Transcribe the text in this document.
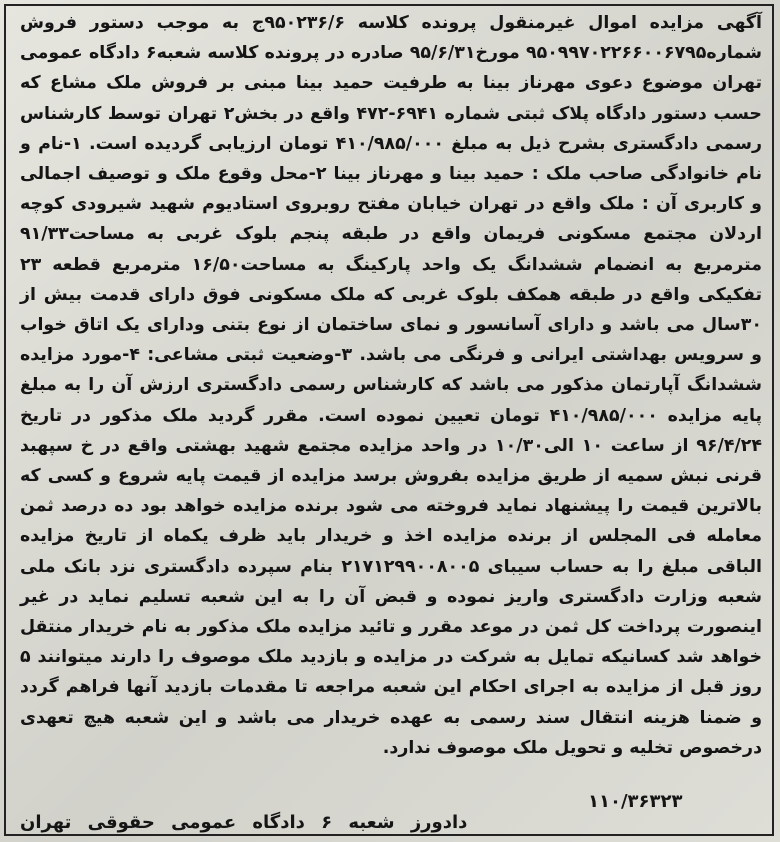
آگهی مزایده اموال غیرمنقول پرونده کلاسه ۹۵۰۲۳۶/۶ج به موجب دستور فروش شماره۹۵۰۹۹۷۰۲۲۶۶۰۰۶۷۹۵ مورخ۹۵/۶/۳۱ صادره در پرونده کلاسه شعبه۶ دادگاه عمومی تهران موضوع دعوی مهرناز بینا به طرفیت حمید بینا مبنی بر فروش ملک مشاع که حسب دستور دادگاه پلاک ثبتی شماره ۶۹۴۱-۴۷۲ واقع در بخش۲ تهران توسط کارشناس رسمی دادگستری بشرح ذیل به مبلغ ۴۱۰/۹۸۵/۰۰۰ تومان ارزیابی گردیده است. ۱-نام و نام خانوادگی صاحب ملک : حمید بینا و مهرناز بینا ۲-محل وقوع ملک و توصیف اجمالی و کاربری آن : ملک واقع در تهران خیابان مفتح روبروی استادیوم شهید شیرودی کوچه اردلان مجتمع مسکونی فریمان واقع در طبقه پنجم بلوک غربی به مساحت۹۱/۳۳ مترمربع به انضمام ششدانگ یک واحد پارکینگ به مساحت۱۶/۵۰ مترمربع قطعه ۲۳ تفکیکی واقع در طبقه همکف بلوک غربی که ملک مسکونی فوق دارای قدمت بیش از ۳۰سال می باشد و دارای آسانسور و نمای ساختمان از نوع بتنی ودارای یک اتاق خواب و سرویس بهداشتی ایرانی و فرنگی می باشد. ۳-وضعیت ثبتی مشاعی: ۴-مورد مزایده ششدانگ آپارتمان مذکور می باشد که کارشناس رسمی دادگستری ارزش آن را به مبلغ پایه مزایده ۴۱۰/۹۸۵/۰۰۰ تومان تعیین نموده است. مقرر گردید ملک مذکور در تاریخ ۹۶/۴/۲۴ از ساعت ۱۰ الی۱۰/۳۰ در واحد مزایده مجتمع شهید بهشتی واقع در خ سپهبد قرنی نبش سمیه از طریق مزایده بفروش برسد مزایده از قیمت پایه شروع و کسی که بالاترین قیمت را پیشنهاد نماید فروخته می شود برنده مزایده خواهد بود ده درصد ثمن معامله فی المجلس از برنده مزایده اخذ و خریدار باید ظرف یکماه از تاریخ مزایده الباقی مبلغ را به حساب سیبای ۲۱۷۱۲۹۹۰۰۸۰۰۵ بنام سپرده دادگستری نزد بانک ملی شعبه وزارت دادگستری واریز نموده و قبض آن را به این شعبه تسلیم نماید در غیر اینصورت پرداخت کل ثمن در موعد مقرر و تائید مزایده ملک مذکور به نام خریدار منتقل خواهد شد کسانیکه تمایل به شرکت در مزایده و بازدید ملک موصوف را دارند میتوانند ۵ روز قبل از مزایده به اجرای احکام این شعبه مراجعه تا مقدمات بازدید آنها فراهم گردد و ضمنا هزینه انتقال سند رسمی به عهده خریدار می باشد و این شعبه هیچ تعهدی درخصوص تخلیه و تحویل ملک موصوف ندارد.

۱۱۰/۳۶۳۲۳
دادورز شعبه ۶ دادگاه عمومی حقوقی تهران
